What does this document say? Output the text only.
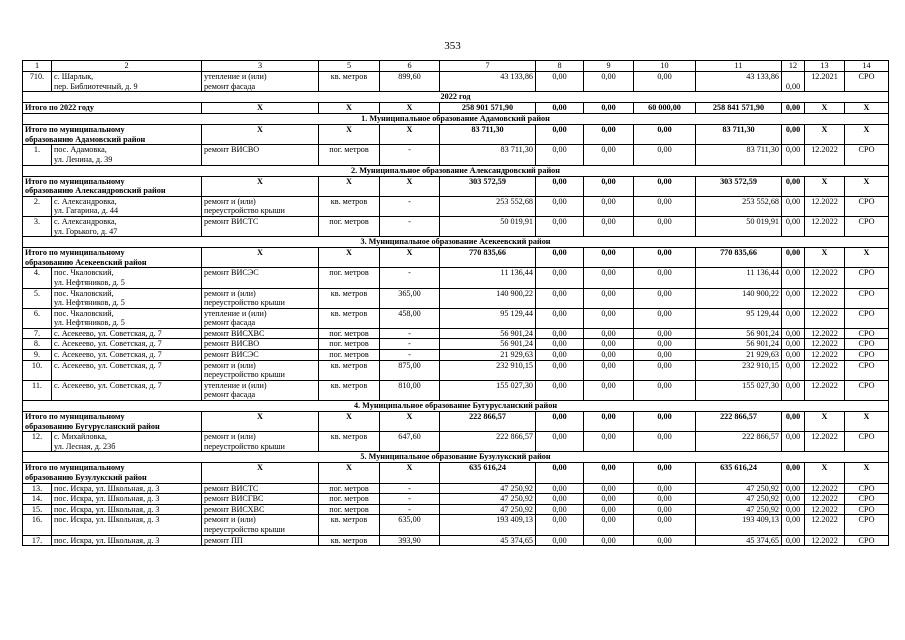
353
1	2	3	5	6	7	8	9	10	11	12	13	14
710.	с. Шарлык,
пер. Библиотечный, д. 9	утепление и (или)
ремонт фасада	кв. метров	899,60	43 133,86	0,00	0,00	0,00	43 133,86	0,00	12.2021	СРО
2022 год												
Итого по 2022 году		X	X	X	258 901 571,90	0,00	0,00	60 000,00	258 841 571,90	0,00	X	X
1. Муниципальное образование Адамовский район												
Итого по муниципальному
образованию Адамовский район		X	X	X	83 711,30	0,00	0,00	0,00	83 711,30	0,00	X	X
1.	пос. Адамовка,
ул. Ленина, д. 39	ремонт ВИСВО	пог. метров	-	83 711,30	0,00	0,00	0,00	83 711,30	0,00	12.2022	СРО
2. Муниципальное образование Александровский район												
Итого по муниципальному
образованию Александровский район		X	X	X	303 572,59	0,00	0,00	0,00	303 572,59	0,00	X	X
2.	с. Александровка,
ул. Гагарина, д. 44	ремонт и (или)
переустройство крыши	кв. метров	-	253 552,68	0,00	0,00	0,00	253 552,68	0,00	12.2022	СРО
3.	с. Александровка,
ул. Горького, д. 47	ремонт ВИСТС	пог. метров	-	50 019,91	0,00	0,00	0,00	50 019,91	0,00	12.2022	СРО
3. Муниципальное образование Асекеевский район												
Итого по муниципальному
образованию Асекеевский район		X	X	X	770 835,66	0,00	0,00	0,00	770 835,66	0,00	X	X
4.	пос. Чкаловский,
ул. Нефтяников, д. 5	ремонт ВИСЭС	пог. метров	-	11 136,44	0,00	0,00	0,00	11 136,44	0,00	12.2022	СРО
5.	пос. Чкаловский,
ул. Нефтяников, д. 5	ремонт и (или)
переустройство крыши	кв. метров	365,00	140 900,22	0,00	0,00	0,00	140 900,22	0,00	12.2022	СРО
6.	пос. Чкаловский,
ул. Нефтяников, д. 5	утепление и (или)
ремонт фасада	кв. метров	458,00	95 129,44	0,00	0,00	0,00	95 129,44	0,00	12.2022	СРО
7.	с. Асекеево, ул. Советская, д. 7	ремонт ВИСХВС	пог. метров	-	56 901,24	0,00	0,00	0,00	56 901,24	0,00	12.2022	СРО
8.	с. Асекеево, ул. Советская, д. 7	ремонт ВИСВО	пог. метров	-	56 901,24	0,00	0,00	0,00	56 901,24	0,00	12.2022	СРО
9.	с. Асекеево, ул. Советская, д. 7	ремонт ВИСЭС	пог. метров	-	21 929,63	0,00	0,00	0,00	21 929,63	0,00	12.2022	СРО
10.	с. Асекеево, ул. Советская, д. 7	ремонт и (или)
переустройство крыши	кв. метров	875,00	232 910,15	0,00	0,00	0,00	232 910,15	0,00	12.2022	СРО
11.	с. Асекеево, ул. Советская, д. 7	утепление и (или)
ремонт фасада	кв. метров	810,00	155 027,30	0,00	0,00	0,00	155 027,30	0,00	12.2022	СРО
4. Муниципальное образование Бугурусланский район												
Итого по муниципальному
образованию Бугурусланский район		X	X	X	222 866,57	0,00	0,00	0,00	222 866,57	0,00	X	X
12.	с. Михайловка,
ул. Лесная, д. 23б	ремонт и (или)
переустройство крыши	кв. метров	647,60	222 866,57	0,00	0,00	0,00	222 866,57	0,00	12.2022	СРО
5. Муниципальное образование Бузулукский район												
Итого по муниципальному
образованию Бузулукский район		X	X	X	635 616,24	0,00	0,00	0,00	635 616,24	0,00	X	X
13.	пос. Искра, ул. Школьная, д. 3	ремонт ВИСТС	пог. метров	-	47 250,92	0,00	0,00	0,00	47 250,92	0,00	12.2022	СРО
14.	пос. Искра, ул. Школьная, д. 3	ремонт ВИСГВС	пог. метров	-	47 250,92	0,00	0,00	0,00	47 250,92	0,00	12.2022	СРО
15.	пос. Искра, ул. Школьная, д. 3	ремонт ВИСХВС	пог. метров	-	47 250,92	0,00	0,00	0,00	47 250,92	0,00	12.2022	СРО
16.	пос. Искра, ул. Школьная, д. 3	ремонт и (или)
переустройство крыши	кв. метров	635,00	193 409,13	0,00	0,00	0,00	193 409,13	0,00	12.2022	СРО
17.	пос. Искра, ул. Школьная, д. 3	ремонт ПП	кв. метров	393,90	45 374,65	0,00	0,00	0,00	45 374,65	0,00	12.2022	СРО
